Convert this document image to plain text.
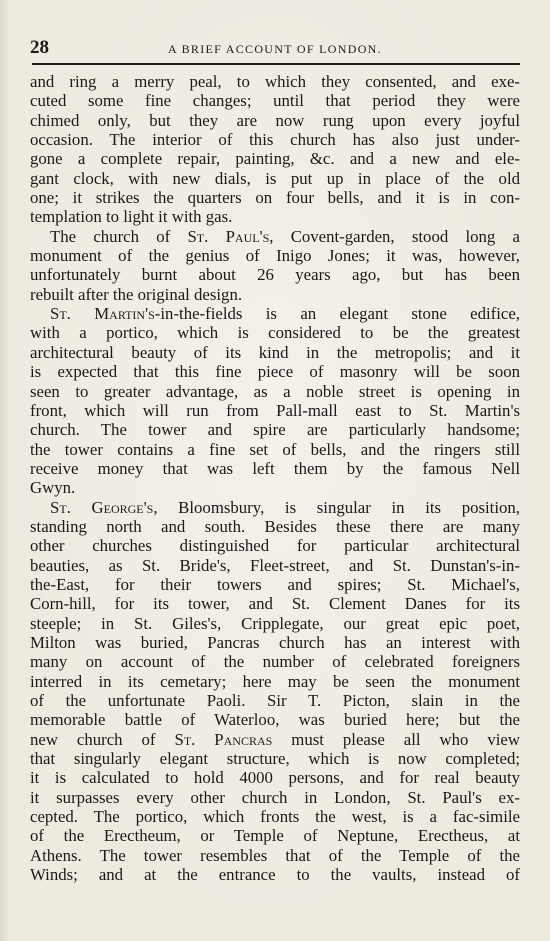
28	A BRIEF ACCOUNT OF LONDON.
and ring a merry peal, to which they consented, and exe-
cuted some fine changes; until that period they were
chimed only, but they are now rung upon every joyful
occasion. The interior of this church has also just under-
gone a complete repair, painting, &c. and a new and ele-
gant clock, with new dials, is put up in place of the old
one; it strikes the quarters on four bells, and it is in con-
templation to light it with gas.
The church of St. Paul's, Covent-garden, stood long a
monument of the genius of Inigo Jones; it was, however,
unfortunately burnt about 26 years ago, but has been
rebuilt after the original design.
St. Martin's-in-the-fields is an elegant stone edifice,
with a portico, which is considered to be the greatest
architectural beauty of its kind in the metropolis; and it
is expected that this fine piece of masonry will be soon
seen to greater advantage, as a noble street is opening in
front, which will run from Pall-mall east to St. Martin's
church. The tower and spire are particularly handsome;
the tower contains a fine set of bells, and the ringers still
receive money that was left them by the famous Nell
Gwyn.
St. George's, Bloomsbury, is singular in its position,
standing north and south. Besides these there are many
other churches distinguished for particular architectural
beauties, as St. Bride's, Fleet-street, and St. Dunstan's-in-
the-East, for their towers and spires; St. Michael's,
Corn-hill, for its tower, and St. Clement Danes for its
steeple; in St. Giles's, Cripplegate, our great epic poet,
Milton was buried, Pancras church has an interest with
many on account of the number of celebrated foreigners
interred in its cemetary; here may be seen the monument
of the unfortunate Paoli. Sir T. Picton, slain in the
memorable battle of Waterloo, was buried here; but the
new church of St. Pancras must please all who view
that singularly elegant structure, which is now completed;
it is calculated to hold 4000 persons, and for real beauty
it surpasses every other church in London, St. Paul's ex-
cepted. The portico, which fronts the west, is a fac-simile
of the Erectheum, or Temple of Neptune, Erectheus, at
Athens. The tower resembles that of the Temple of the
Winds; and at the entrance to the vaults, instead of
